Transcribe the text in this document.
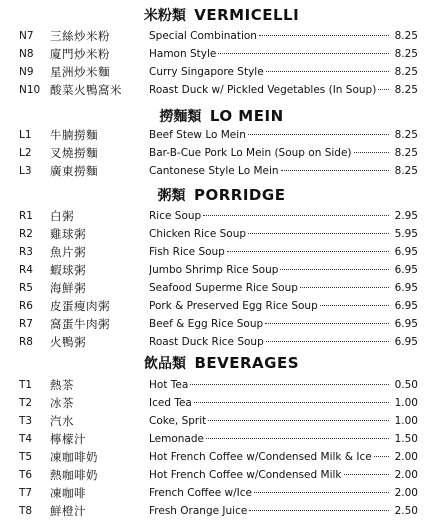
米粉類 VERMICELLI
N7 三絲炒米粉	Special Combination	8.25
N8 廈門炒米粉	Hamon Style	8.25
N9 星洲炒米麵	Curry Singapore Style	8.25
N10 酸菜火鴨窩米	Roast Duck w/ Pickled Vegetables (In Soup) 8.25
撈麵類 LO MEIN
L1 牛腩撈麵	Beef Stew Lo Mein	8.25
L2 叉燒撈麵	Bar-B-Cue Pork Lo Mein (Soup on Side)	8.25
L3 廣東撈麵	Cantonese Style Lo Mein	8.25
粥類 PORRIDGE
R1 白粥	Rice Soup	2.95
R2 雞球粥	Chicken Rice Soup	5.95
R3 魚片粥	Fish Rice Soup	6.95
R4 蝦球粥	Jumbo Shrimp Rice Soup	6.95
R5 海鮮粥	Seafood Superme Rice Soup	6.95
R6 皮蛋瘦肉粥	Pork & Preserved Egg Rice Soup	6.95
R7 窩蛋牛肉粥	Beef & Egg Rice Soup	6.95
R8 火鴨粥	Roast Duck Rice Soup	6.95
飲品類 BEVERAGES
T1 熱茶	Hot Tea	0.50
T2 冰茶	Iced Tea	1.00
T3 汽水	Coke, Sprit	1.00
T4 檸檬汁	Lemonade	1.50
T5 凍咖啡奶	Hot French Coffee w/Condensed Milk & Ice 2.00
T6 熱咖啡奶	Hot French Coffee w/Condensed Milk	2.00
T7 凍咖啡	French Coffee w/Ice	2.00
T8 鮮橙汁	Fresh Orange Juice	2.50
